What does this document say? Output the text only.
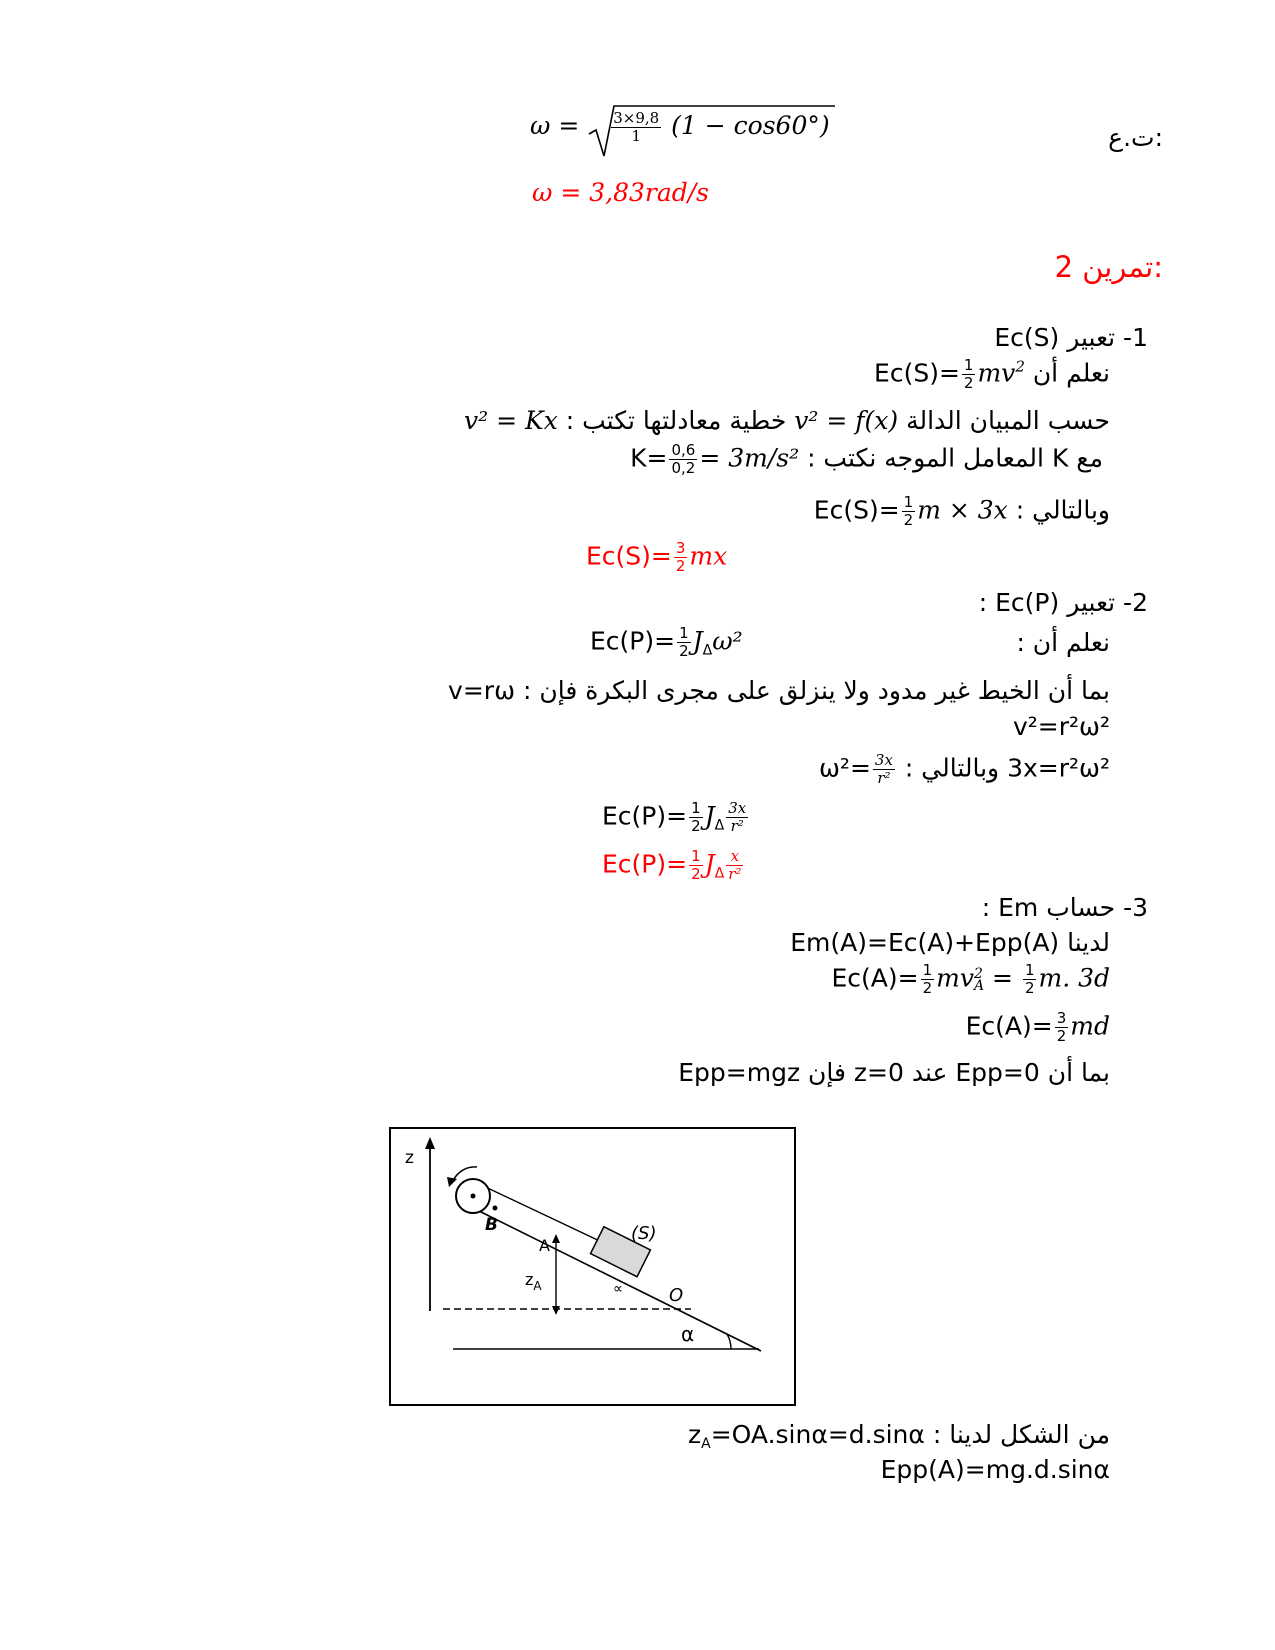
ت.ع:
$\omega = \frac{3\times 9,8}{1} (1 - \cos 60^\circ)$
ω = 3,83rad/s
تمرين 2:
1- تعبير Ec(S)
نعلم أن $Ec(S)= \frac{1}{2} mv^2$
حسب المبيان الدالة v² = f(x) خطية معادلتها تكتب : v² = Kx
مع K المعامل الموجه نكتب : $K= \frac{0,6}{0,2} = 3m/s^2$
وبالتالي : $Ec(S)= \frac{1}{2}$ m × 3x
$Ec(S)= \frac{3}{2}$ mx
2- تعبير Ec(P) :
نعلم أن :
$Ec(P)= \frac{1}{2} J_\Delta\omega^2$
بما أن الخيط غير مدود ولا ينزلق على مجرى البكرة فإن : v=rω
v²=r²ω²
3x=r²ω² وبالتالي : $\omega^2= \frac{3x}{\text{r²}}$
$Ec(P)= \frac{1}{2} J_\Delta \frac{3x}{\text{r²}}$
$Ec(P)= \frac{1}{2} J_\Delta \frac{x}{\text{r²}}$
3- حساب Em :
لدينا Em(A)=Ec(A)+Epp(A)
$Ec(A)= \frac{1}{2}$ mv 2
$A = \frac{1}{2} m$. 3d
$Ec(A)= \frac{3}{2}$ md
بما أن Epp=0 عند z=0 فإن Epp=mgz
z
B	(S)
A
$z_A$	∝	O
α
من الشكل لدينا : $z_A=OA.\sin\alpha=d.\sin\alpha$
Epp(A)=mg.d.sinα
